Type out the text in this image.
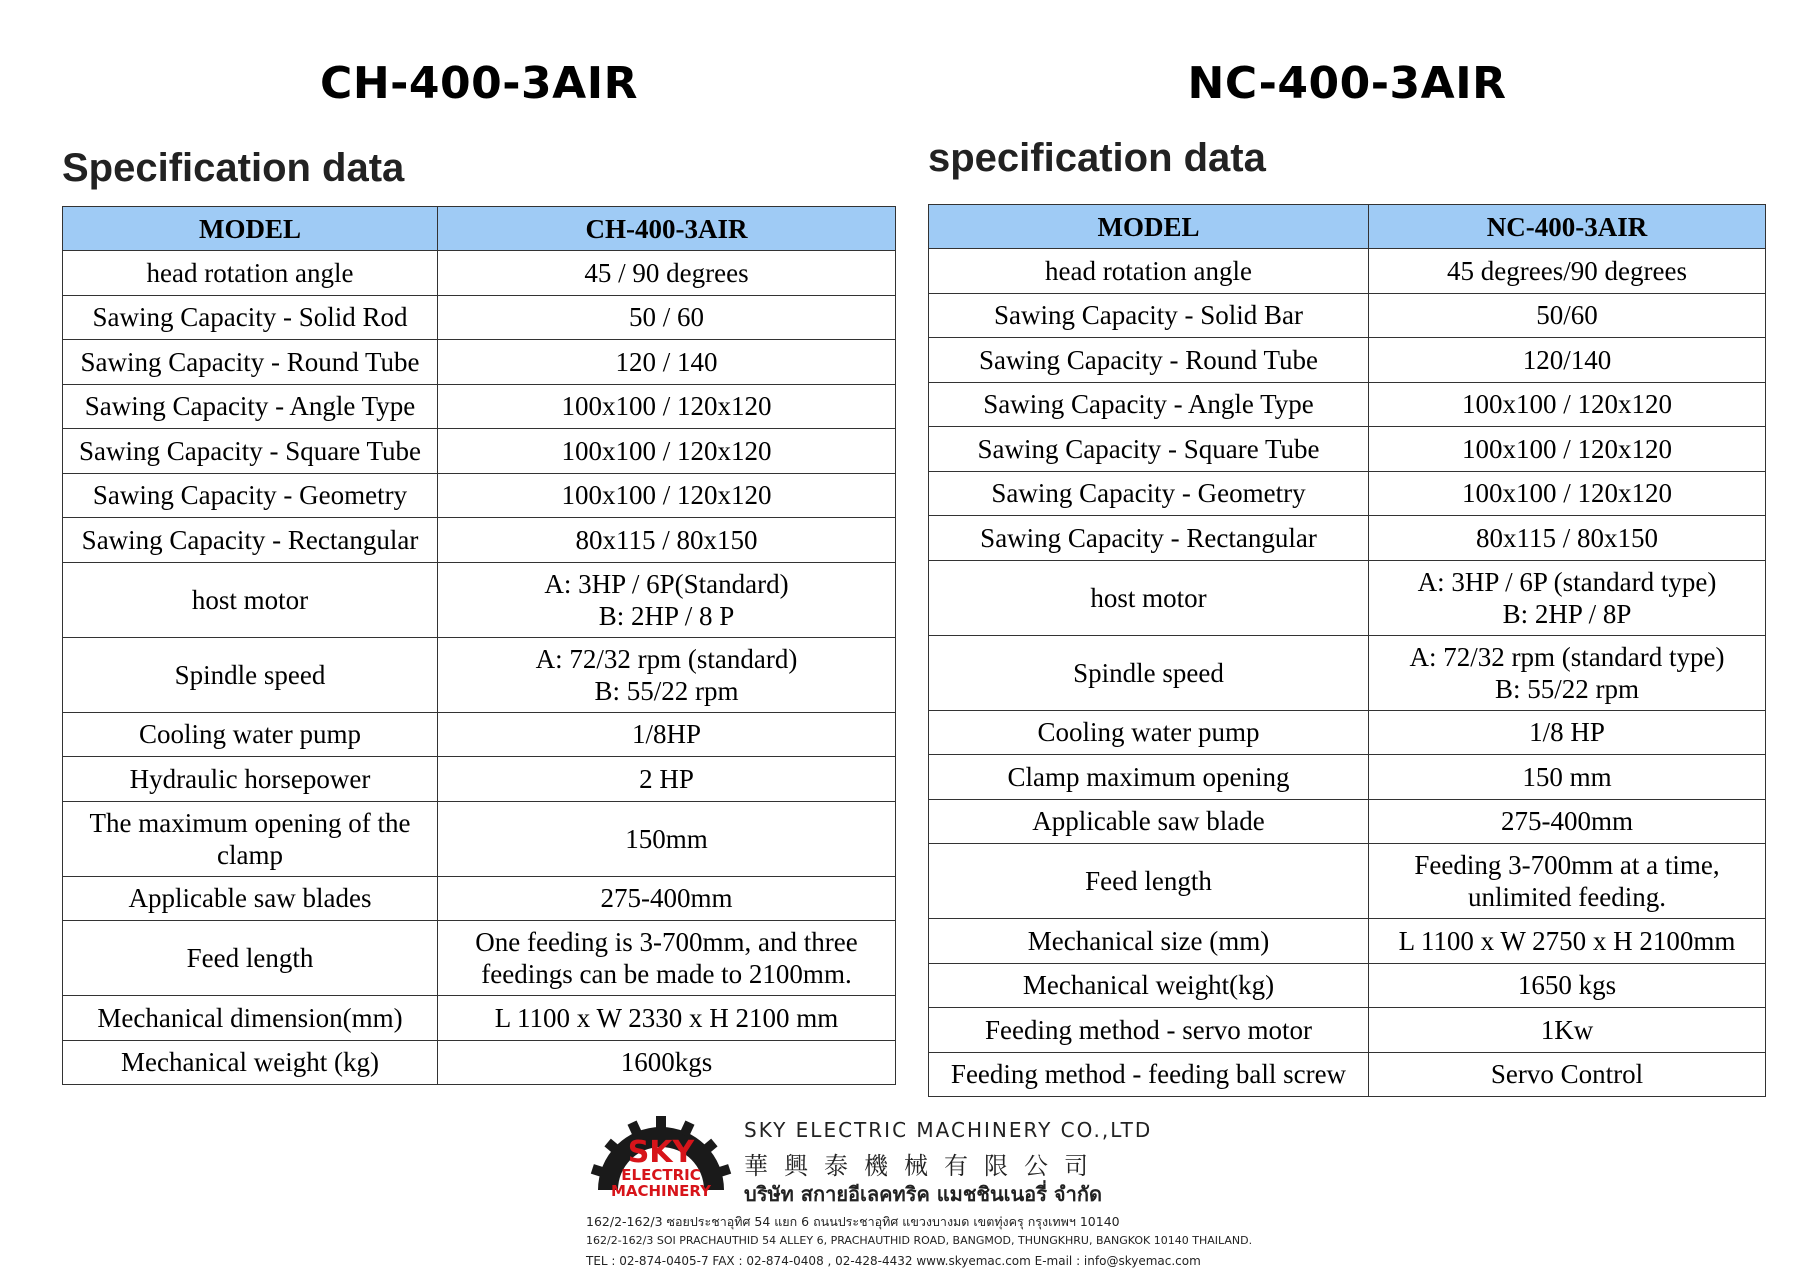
CH-400-3AIR
Specification data
MODEL	CH-400-3AIR
head rotation angle	45 / 90 degrees
Sawing Capacity - Solid Rod	50 / 60
Sawing Capacity - Round Tube	120 / 140
Sawing Capacity - Angle Type	100x100 / 120x120
Sawing Capacity - Square Tube	100x100 / 120x120
Sawing Capacity - Geometry	100x100 / 120x120
Sawing Capacity - Rectangular	80x115 / 80x150
host motor	A: 3HP / 6P(Standard)
B: 2HP / 8 P

Spindle speed	A: 72/32 rpm (standard)
B: 55/22 rpm

Cooling water pump	1/8HP
Hydraulic horsepower	2 HP

The maximum opening of the
clamp	150mm
Applicable saw blades	275-400mm
Feed length	One feeding is 3-700mm, and three
feedings can be made to 2100mm.

Mechanical dimension(mm)	L 1100 x W 2330 x H 2100 mm
Mechanical weight (kg)	1600kgs
NC-400-3AIR
specification data
MODEL	NC-400-3AIR
head rotation angle	45 degrees/90 degrees
Sawing Capacity - Solid Bar	50/60
Sawing Capacity - Round Tube	120/140
Sawing Capacity - Angle Type	100x100 / 120x120
Sawing Capacity - Square Tube	100x100 / 120x120
Sawing Capacity - Geometry	100x100 / 120x120
Sawing Capacity - Rectangular	80x115 / 80x150
host motor	A: 3HP / 6P (standard type)
B: 2HP / 8P

Spindle speed	A: 72/32 rpm (standard type)
B: 55/22 rpm

Cooling water pump	1/8 HP
Clamp maximum opening	150 mm
Applicable saw blade	275-400mm
Feed length	Feeding 3-700mm at a time,
unlimited feeding.

Mechanical size (mm)	L 1100 x W 2750 x H 2100mm
Mechanical weight(kg)	1650 kgs
Feeding method - servo motor	1Kw
Feeding method - feeding ball screw	Servo Control
SKY
ELECTRIC
MACHINERY
SKY ELECTRIC MACHINERY CO.,LTD
華興泰機械有限公司
บริษัท สกายอีเลคทริค แมชชินเนอรี่ จำกัด
162/2-162/3 ซอยประชาอุทิศ 54 แยก 6 ถนนประชาอุทิศ แขวงบางมด เขตทุ่งครุ กรุงเทพฯ 10140
162/2-162/3 SOI PRACHAUTHID 54 ALLEY 6, PRACHAUTHID ROAD, BANGMOD, THUNGKHRU, BANGKOK 10140 THAILAND.
TEL : 02-874-0405-7 FAX : 02-874-0408 , 02-428-4432 www.skyemac.com E-mail : info@skyemac.com
